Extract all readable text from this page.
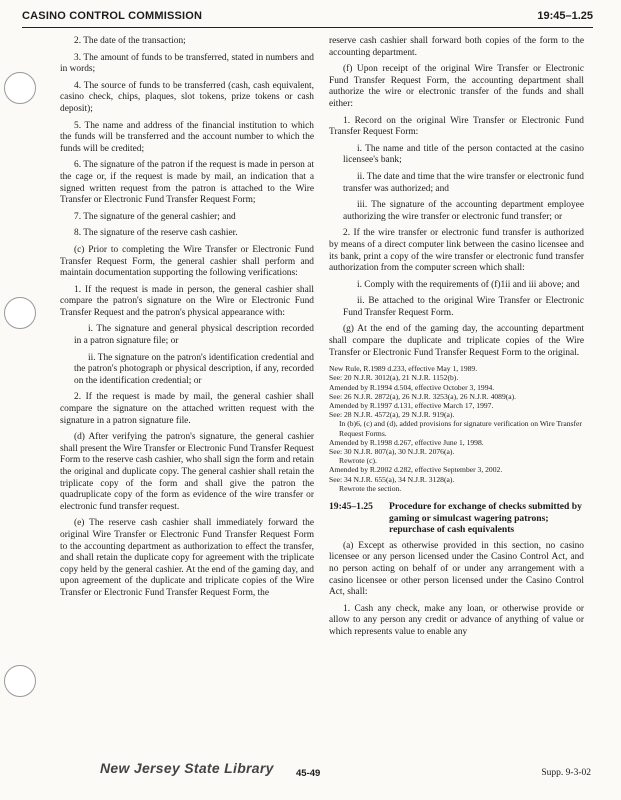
CASINO CONTROL COMMISSION	19:45–1.25

2. The date of the transaction;

3. The amount of funds to be transferred, stated in numbers and in words;

4. The source of funds to be transferred (cash, cash equivalent, casino check, chips, plaques, slot tokens, prize tokens or cash deposit);

5. The name and address of the financial institution to which the funds will be transferred and the account number to which the funds will be credited;

6. The signature of the patron if the request is made in person at the cage or, if the request is made by mail, an indication that a signed written request from the patron is attached to the Wire Transfer or Electronic Fund Transfer Request Form;

7. The signature of the general cashier; and

8. The signature of the reserve cash cashier.

(c) Prior to completing the Wire Transfer or Electronic Fund Transfer Request Form, the general cashier shall perform and maintain documentation supporting the following verifications:

1. If the request is made in person, the general cashier shall compare the patron's signature on the Wire or Electronic Fund Transfer Request and the patron's physical appearance with:

i. The signature and general physical description recorded in a patron signature file; or

ii. The signature on the patron's identification credential and the patron's photograph or physical description, if any, recorded on the identification credential; or

2. If the request is made by mail, the general cashier shall compare the signature on the attached written request with the signature in a patron signature file.

(d) After verifying the patron's signature, the general cashier shall present the Wire Transfer or Electronic Fund Transfer Request Form to the reserve cash cashier, who shall sign the form and retain the original and duplicate copy. The general cashier shall retain the triplicate copy of the form and shall give the patron the quadruplicate copy of the form as evidence of the wire transfer or electronic fund transfer request.

(e) The reserve cash cashier shall immediately forward the original Wire Transfer or Electronic Fund Transfer Request Form to the accounting department as authorization to effect the transfer, and shall retain the duplicate copy for agreement with the triplicate copy held by the general cashier. At the end of the gaming day, and upon agreement of the duplicate and triplicate copies of the Wire Transfer or Electronic Fund Transfer Request Form, the

reserve cash cashier shall forward both copies of the form to the accounting department.

(f) Upon receipt of the original Wire Transfer or Electronic Fund Transfer Request Form, the accounting department shall authorize the wire or electronic transfer of the funds and shall either:

1. Record on the original Wire Transfer or Electronic Fund Transfer Request Form:

i. The name and title of the person contacted at the casino licensee's bank;

ii. The date and time that the wire transfer or electronic fund transfer was authorized; and

iii. The signature of the accounting department employee authorizing the wire transfer or electronic fund transfer; or

2. If the wire transfer or electronic fund transfer is authorized by means of a direct computer link between the casino licensee and its bank, print a copy of the wire transfer or electronic fund transfer authorization from the computer screen which shall:

i. Comply with the requirements of (f)1ii and iii above; and

ii. Be attached to the original Wire Transfer or Electronic Fund Transfer Request Form.

(g) At the end of the gaming day, the accounting department shall compare the duplicate and triplicate copies of the Wire Transfer or Electronic Fund Transfer Request Form to the original.

New Rule, R.1989 d.233, effective May 1, 1989.
See: 20 N.J.R. 3012(a), 21 N.J.R. 1152(b).
Amended by R.1994 d.504, effective October 3, 1994.
See: 26 N.J.R. 2872(a), 26 N.J.R. 3253(a), 26 N.J.R. 4089(a).
Amended by R.1997 d.131, effective March 17, 1997.
See: 28 N.J.R. 4572(a), 29 N.J.R. 919(a).
In (b)6, (c) and (d), added provisions for signature verification on Wire Transfer Request Forms.
Amended by R.1998 d.267, effective June 1, 1998.
See: 30 N.J.R. 807(a), 30 N.J.R. 2076(a).
Rewrote (c).
Amended by R.2002 d.282, effective September 3, 2002.
See: 34 N.J.R. 655(a), 34 N.J.R. 3128(a).
Rewrote the section.
19:45–1.25	Procedure for exchange of checks submitted by gaming or simulcast wagering patrons; repurchase of cash equivalents

(a) Except as otherwise provided in this section, no casino licensee or any person licensed under the Casino Control Act, and no person acting on behalf of or under any arrangement with a casino licensee or other person licensed under the Casino Control Act, shall:

1. Cash any check, make any loan, or otherwise provide or allow to any person any credit or advance of anything of value or which represents value to enable any

New Jersey State Library 45-49	Supp. 9-3-02
